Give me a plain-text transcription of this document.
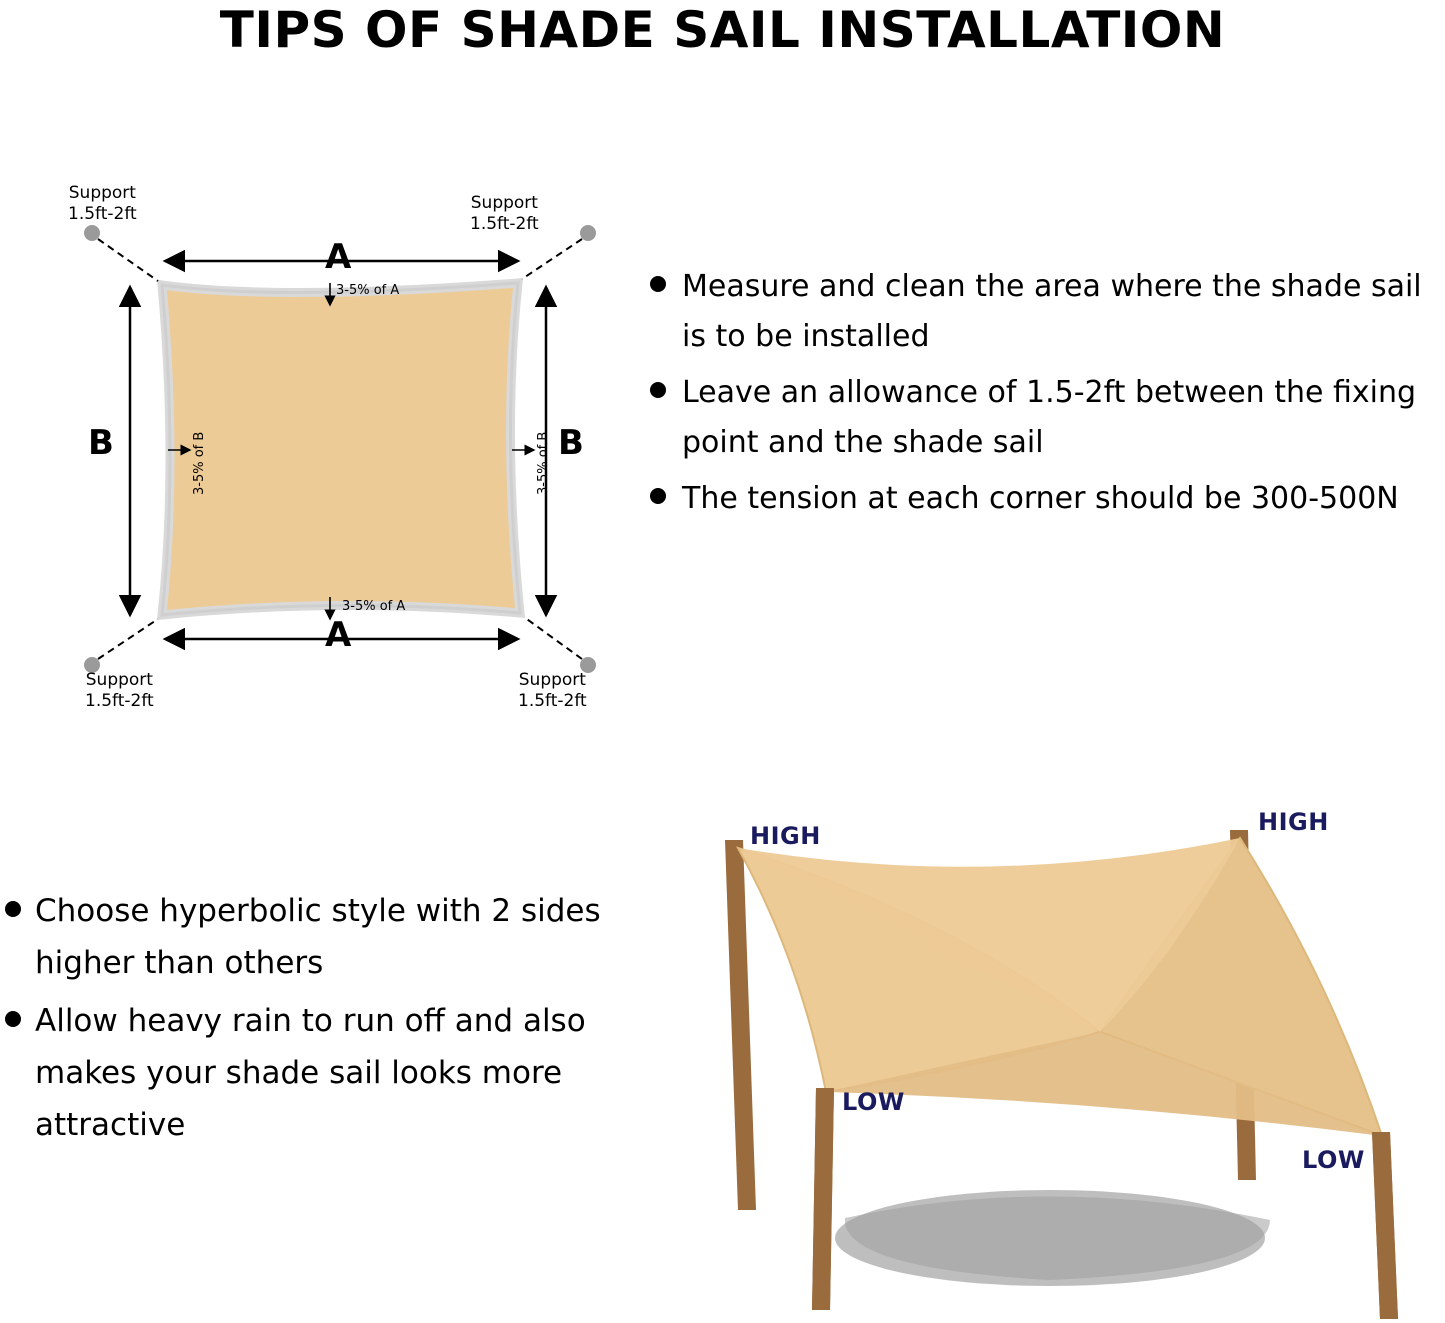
TIPS OF SHADE SAIL INSTALLATION
Support
1.5ft-2ft
Support
1.5ft-2ft
Support
1.5ft-2ft
Support
1.5ft-2ft
A
A
B	B
3-5% of A
3-5% of A
3-5% of B	3-5% of B
Measure and clean the area where the shade sail is to be installed
Leave an allowance of 1.5-2ft between the fixing point and the shade sail
The tension at each corner should be 300-500N
Choose hyperbolic style with 2 sides higher than others
Allow heavy rain to run off and also makes your shade sail looks more attractive
HIGH	HIGH
LOW
LOW
